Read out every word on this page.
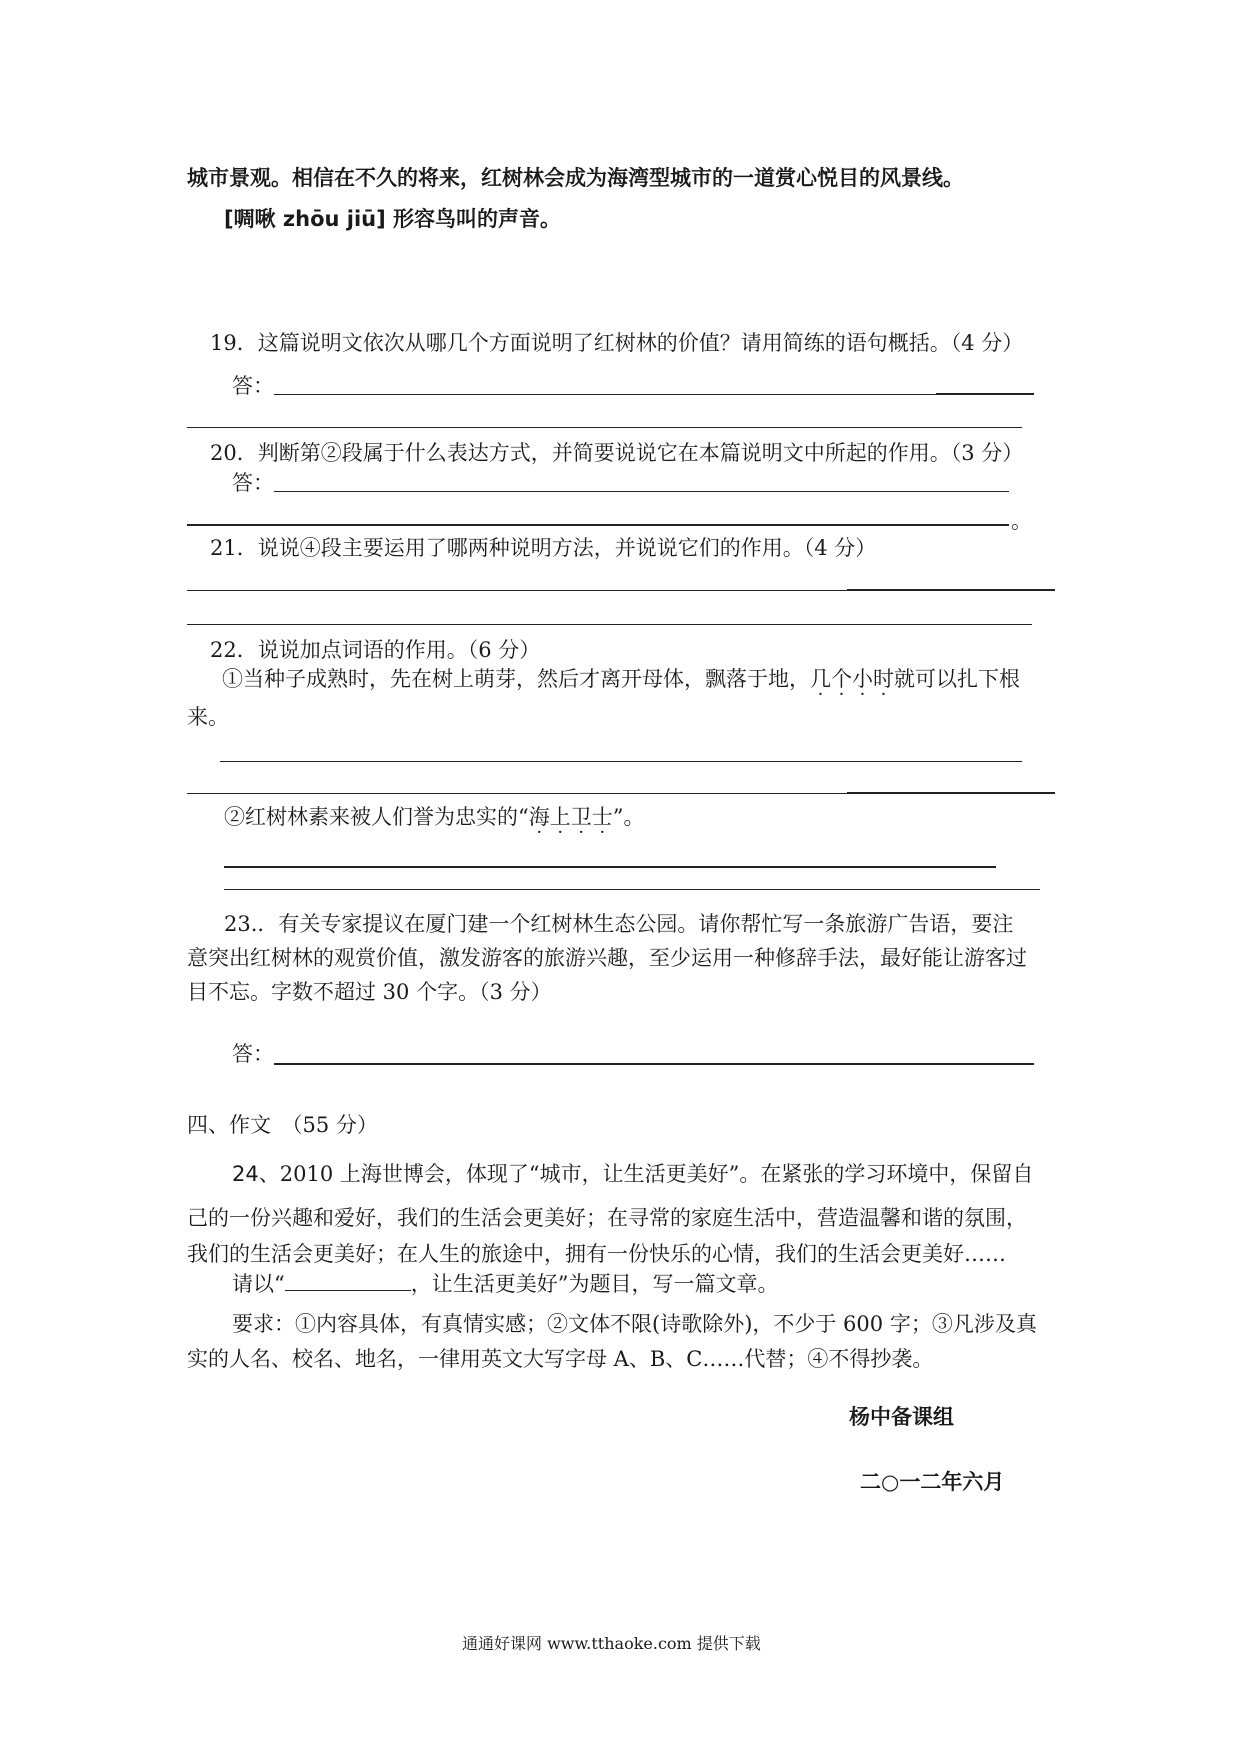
城市景观。相信在不久的将来，红树林会成为海湾型城市的一道赏心悦目的风景线。
[啁啾 zhōu jiū] 形容鸟叫的声音。
19．这篇说明文依次从哪几个方面说明了红树林的价值？请用简练的语句概括。（4 分）
答：
20．判断第②段属于什么表达方式，并简要说说它在本篇说明文中所起的作用。（3 分）
答：
。
21．说说④段主要运用了哪两种说明方法，并说说它们的作用。（4 分）
22．说说加点词语的作用。（6 分）
①当种子成熟时，先在树上萌芽，然后才离开母体，飘落于地，几个小时就可以扎下根
来。
②红树林素来被人们誉为忠实的“海上卫士”。
23.．有关专家提议在厦门建一个红树林生态公园。请你帮忙写一条旅游广告语，要注
意突出红树林的观赏价值，激发游客的旅游兴趣，至少运用一种修辞手法，最好能让游客过
目不忘。字数不超过 30 个字。（3 分）
答：
四、作文　（55 分）
24、2010 上海世博会，体现了“城市，让生活更美好”。在紧张的学习环境中，保留自
己的一份兴趣和爱好，我们的生活会更美好；在寻常的家庭生活中，营造温馨和谐的氛围，
我们的生活会更美好；在人生的旅途中，拥有一份快乐的心情，我们的生活会更美好……
请以“	，让生活更美好”为题目，写一篇文章。
要求：①内容具体，有真情实感；②文体不限(诗歌除外)，不少于 600 字；③凡涉及真
实的人名、校名、地名，一律用英文大写字母 A、B、C……代替；④不得抄袭。
杨中备课组
二○一二年六月
通通好课网 www.tthaoke.com 提供下载
